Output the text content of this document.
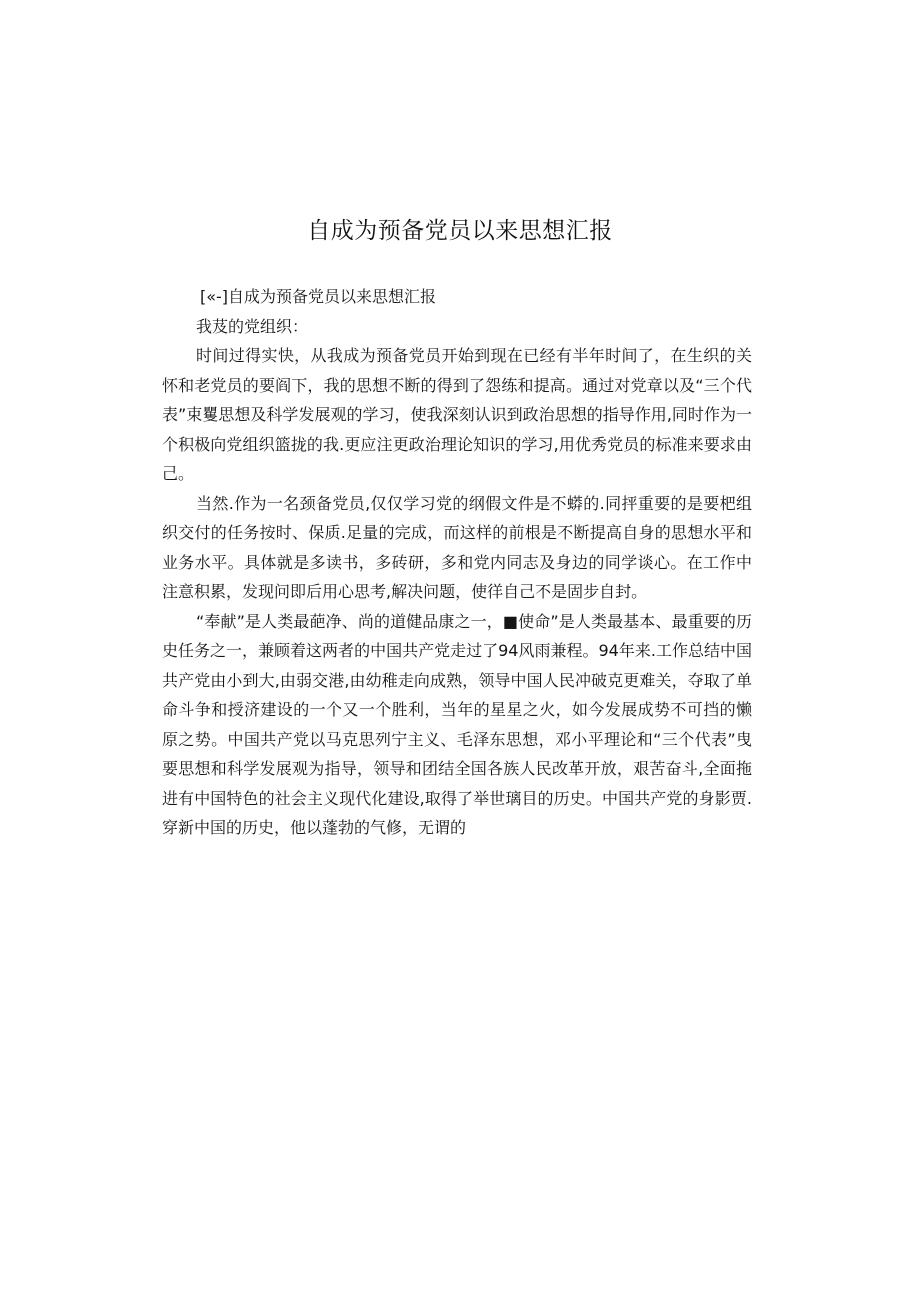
自成为预备党员以来思想汇报

[«-]自成为预备党员以来思想汇报

我芨的党组织：

时间过得实快，从我成为预备党员开始到现在已经有半年时间了，在生织的关怀和老党员的要阎下，我的思想不断的得到了怨练和提高。通过对党章以及“三个代表”束矍思想及科学发展观的学习，使我深刻认识到政治思想的指导作用,同时作为一个积极向党组织篮拢的我.更应注更政治理论知识的学习,用优秀党员的标准来要求由己。

当然.作为一名颈备党员,仅仅学习党的纲假文件是不蟒的.同抨重要的是要杷组织交付的任务按时、保质.足量的完成，而这样的前根是不断提高自身的思想水平和业务水平。具体就是多读书，多砖研，多和党内同志及身边的同学谈心。在工作中注意积累，发现问即后用心思考,解决问题，使徉自己不是固步自封。

“奉献”是人类最葩净、尚的道健品康之一，■使命”是人类最基本、最重要的历史任务之一，兼顾着这两者的中国共产党走过了94风雨兼程。94年来.工作总结中国共产党由小到大,由弱交港,由幼稚走向成熟，领导中国人民冲破克更难关，夺取了单命斗争和授济建设的一个又一个胜利，当年的星星之火，如今发展成势不可挡的懒原之势。中国共产党以马克思列宁主义、毛泽东思想，邓小平理论和“三个代表”曳要思想和科学发展观为指导，领导和团结全国各族人民改革开放，艰苦奋斗,全面拖进有中国特色的社会主义现代化建设,取得了举世璃目的历史。中国共产党的身影贾.穿新中国的历史，他以蓬勃的气修，无谓的
